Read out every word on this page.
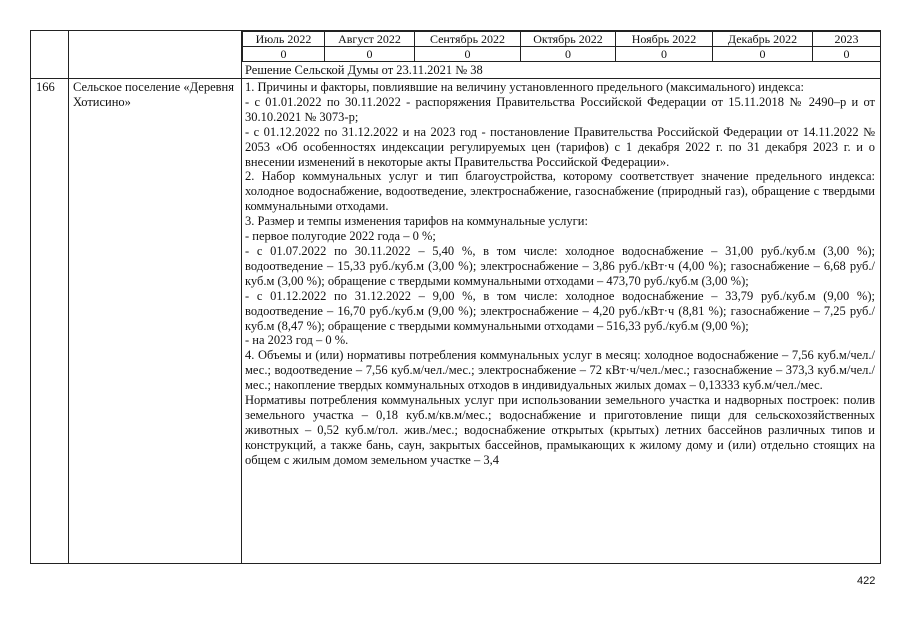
Июль 2022	Август 2022	Сентябрь 2022	Октябрь 2022	Ноябрь 2022	Декабрь 2022	2023
0	0	0	0	0	0	0
Решение Сельской Думы от 23.11.2021 № 38
166 Сельское поселение «Деревня Хотисино»

1. Причины и факторы, повлиявшие на величину установленного предельного (максимального) индекса:

- с 01.01.2022 по 30.11.2022 - распоряжения Правительства Российской Федерации от 15.11.2018 № 2490–р и от 30.10.2021 № 3073-р;

- с 01.12.2022 по 31.12.2022 и на 2023 год - постановление Правительства Российской Федерации от 14.11.2022 № 2053 «Об особенностях индексации регулируемых цен (тарифов) с 1 декабря 2022 г. по 31 декабря 2023 г. и о внесении изменений в некоторые акты Правительства Российской Федерации».

2. Набор коммунальных услуг и тип благоустройства, которому соответствует значение предельного индекса: холодное водоснабжение, водоотведение, электроснабжение, газоснабжение (природный газ), обращение с твердыми коммунальными отходами.

3. Размер и темпы изменения тарифов на коммунальные услуги:

- первое полугодие 2022 года – 0 %;

- с 01.07.2022 по 30.11.2022 – 5,40 %, в том числе: холодное водоснабжение – 31,00 руб./куб.м (3,00 %); водоотведение – 15,33 руб./куб.м (3,00 %); электроснабжение – 3,86 руб./кВт·ч (4,00 %); газоснабжение – 6,68 руб./куб.м (3,00 %); обращение с твердыми коммунальными отходами – 473,70 руб./куб.м (3,00 %);

- с 01.12.2022 по 31.12.2022 – 9,00 %, в том числе: холодное водоснабжение – 33,79 руб./куб.м (9,00 %); водоотведение – 16,70 руб./куб.м (9,00 %); электроснабжение – 4,20 руб./кВт·ч (8,81 %); газоснабжение – 7,25 руб./куб.м (8,47 %); обращение с твердыми коммунальными отходами – 516,33 руб./куб.м (9,00 %);

- на 2023 год – 0 %.

4. Объемы и (или) нормативы потребления коммунальных услуг в месяц: холодное водоснабжение – 7,56 куб.м/чел./мес.; водоотведение – 7,56 куб.м/чел./мес.; электроснабжение – 72 кВт·ч/чел./мес.; газоснабжение – 373,3 куб.м/чел./мес.; накопление твердых коммунальных отходов в индивидуальных жилых домах – 0,13333 куб.м/чел./мес.

Нормативы потребления коммунальных услуг при использовании земельного участка и надворных построек: полив земельного участка – 0,18 куб.м/кв.м/мес.; водоснабжение и приготовление пищи для сельскохозяйственных животных – 0,52 куб.м/гол. жив./мес.; водоснабжение открытых (крытых) летних бассейнов различных типов и конструкций, а также бань, саун, закрытых бассейнов, прамыкающих к жилому дому и (или) отдельно стоящих на общем с жилым домом земельном участке – 3,4

422
